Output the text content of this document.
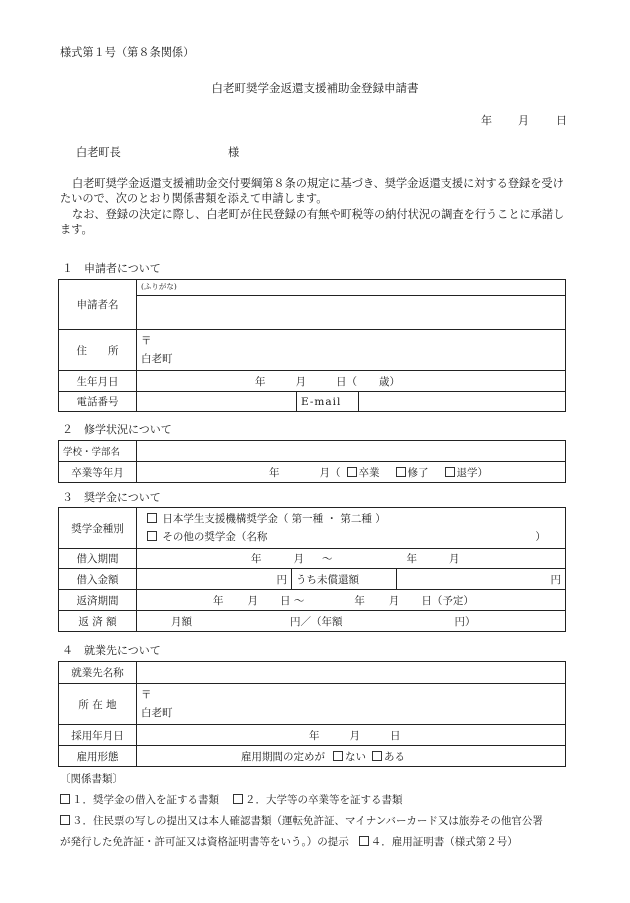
様式第１号（第８条関係）
白老町奨学金返還支援補助金登録申請書
年 月 日
白老町長	様
白老町奨学金返還支援補助金交付要綱第８条の規定に基づき、奨学金返還支援に対する登録を受けたいので、次のとおり関係書類を添えて申請します。
なお、登録の決定に際し、白老町が住民登録の有無や町税等の納付状況の調査を行うことに承諾します。
１　申請者について
申請者名	(ふりがな)		

住　　所	〒
白老町		

生年月日	年 月 日（ 歳）		
電話番号		E-mail	
２　修学状況について
学校・学部名	
卒業等年月	年 月（ 卒業 修了 退学）
３　奨学金について
奨学金種別	日本学生支援機構奨学金（ 第一種 ・ 第二種 ）
その他の奨学金（名称 ）		

借入期間	年 月 ～ 年 月		
借入金額	円	うち未償還額	円
返済期間	年 月 日 ～ 年 月 日（予定）		
返 済 額	月額 円／（年額 円）		
４　就業先について
就業先名称	
所 在 地	〒
白老町

採用年月日	年 月 日
雇用形態	雇用期間の定めが ない ある
〔関係書類〕
１．奨学金の借入を証する書類 ２．大学等の卒業等を証する書類
３．住民票の写しの提出又は本人確認書類（運転免許証、マイナンバーカード又は旅券その他官公署
が発行した免許証・許可証又は資格証明書等をいう。）の提示 ４．雇用証明書（様式第２号）
